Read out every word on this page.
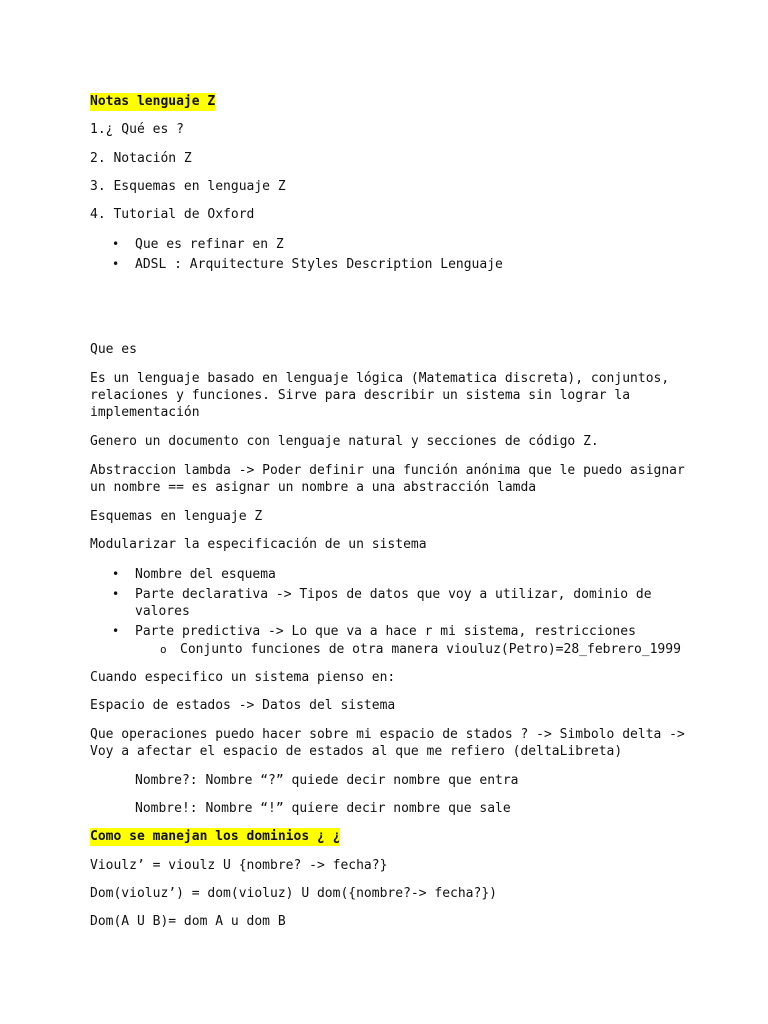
Notas lenguaje Z
1.¿ Qué es ?
2. Notación Z
3. Esquemas en lenguaje Z
4. Tutorial de Oxford
• Que es refinar en Z
• ADSL : Arquitecture Styles Description Lenguaje
Que es
Es un lenguaje basado en lenguaje lógica (Matematica discreta), conjuntos,
relaciones y funciones. Sirve para describir un sistema sin lograr la
implementación
Genero un documento con lenguaje natural y secciones de código Z.
Abstraccion lambda -> Poder definir una función anónima que le puedo asignar
un nombre == es asignar un nombre a una abstracción lamda
Esquemas en lenguaje Z
Modularizar la especificación de un sistema
• Nombre del esquema
• Parte declarativa -> Tipos de datos que voy a utilizar, dominio de
valores
• Parte predictiva -> Lo que va a hace r mi sistema, restricciones
o Conjunto funciones de otra manera viouluz(Petro)=28_febrero_1999
Cuando especifico un sistema pienso en:
Espacio de estados -> Datos del sistema
Que operaciones puedo hacer sobre mi espacio de stados ? -> Simbolo delta ->
Voy a afectar el espacio de estados al que me refiero (deltaLibreta)
Nombre?: Nombre “?” quiede decir nombre que entra
Nombre!: Nombre “!” quiere decir nombre que sale
Como se manejan los dominios ¿ ¿
Vioulz’ = vioulz U {nombre? -> fecha?}
Dom(violuz’) = dom(violuz) U dom({nombre?-> fecha?})
Dom(A U B)= dom A u dom B
